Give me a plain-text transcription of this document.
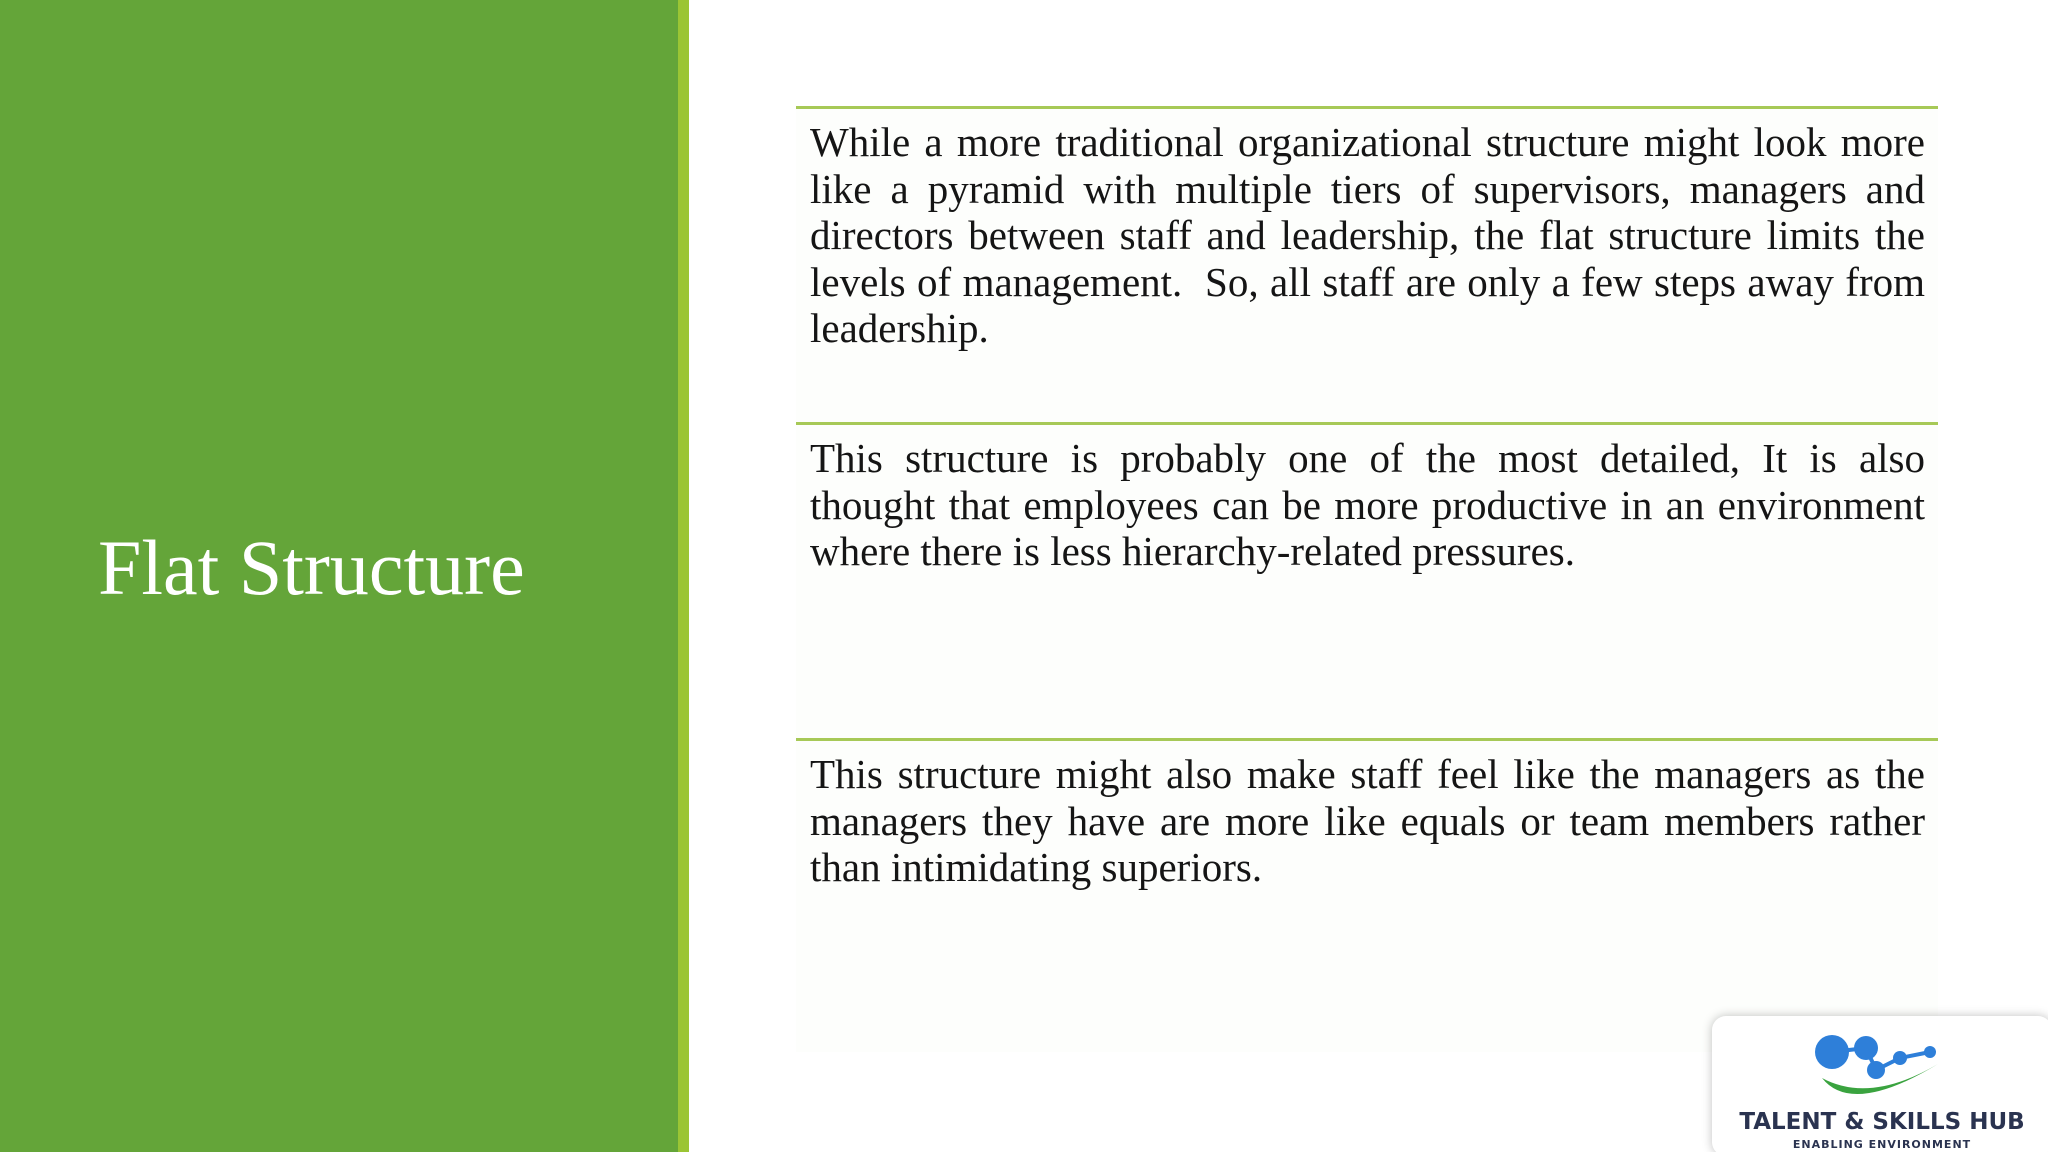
Flat Structure

While a more traditional organizational structure might look more like a pyramid with multiple tiers of supervisors, managers and directors between staff and leadership, the flat structure limits the levels of management.  So, all staff are only a few steps away from leadership.

This structure is probably one of the most detailed, It is also thought that employees can be more productive in an environment where there is less hierarchy-related pressures.

This structure might also make staff feel like the managers as the managers they have are more like equals or team members rather than intimidating superiors.

TALENT & SKILLS HUB
ENABLING ENVIRONMENT
